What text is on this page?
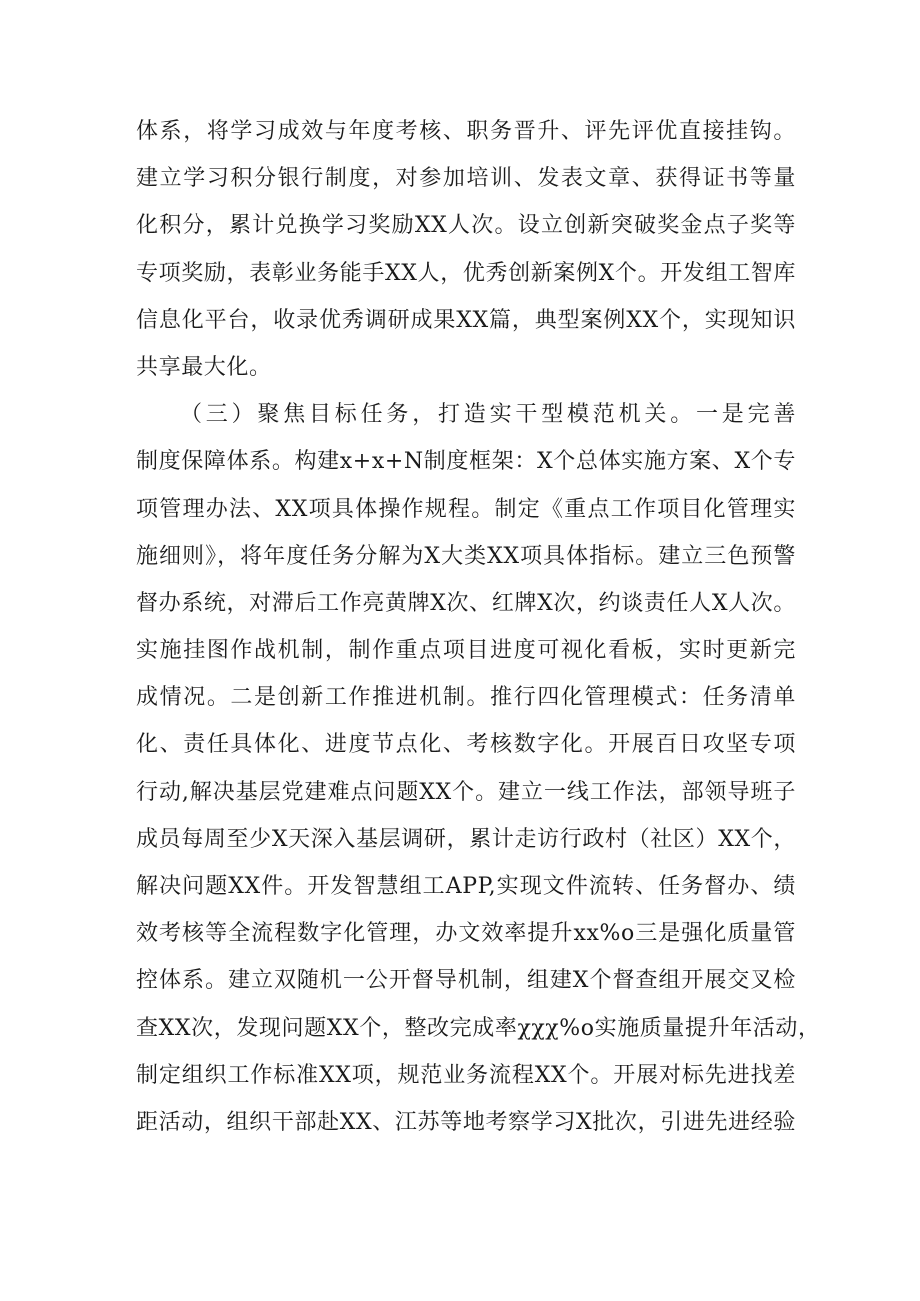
体系，将学习成效与年度考核、职务晋升、评先评优直接挂钩。
建立学习积分银行制度，对参加培训、发表文章、获得证书等量
化积分，累计兑换学习奖励XX人次。设立创新突破奖金点子奖等
专项奖励，表彰业务能手XX人，优秀创新案例X个。开发组工智库
信息化平台，收录优秀调研成果XX篇，典型案例XX个，实现知识
共享最大化。
（三）聚焦目标任务，打造实干型模范机关。一是完善
制度保障体系。构建x+x+N制度框架：X个总体实施方案、X个专
项管理办法、XX项具体操作规程。制定《重点工作项目化管理实
施细则》，将年度任务分解为X大类XX项具体指标。建立三色预警
督办系统，对滞后工作亮黄牌X次、红牌X次，约谈责任人X人次。
实施挂图作战机制，制作重点项目进度可视化看板，实时更新完
成情况。二是创新工作推进机制。推行四化管理模式：任务清单
化、责任具体化、进度节点化、考核数字化。开展百日攻坚专项
行动,解决基层党建难点问题XX个。建立一线工作法，部领导班子
成员每周至少X天深入基层调研，累计走访行政村（社区）XX个，
解决问题XX件。开发智慧组工APP,实现文件流转、任务督办、绩
效考核等全流程数字化管理，办文效率提升xx%o三是强化质量管
控体系。建立双随机一公开督导机制，组建X个督查组开展交叉检
查XX次，发现问题XX个，整改完成率χχχ%o实施质量提升年活动，
制定组织工作标准XX项，规范业务流程XX个。开展对标先进找差
距活动，组织干部赴XX、江苏等地考察学习X批次，引进先进经验
